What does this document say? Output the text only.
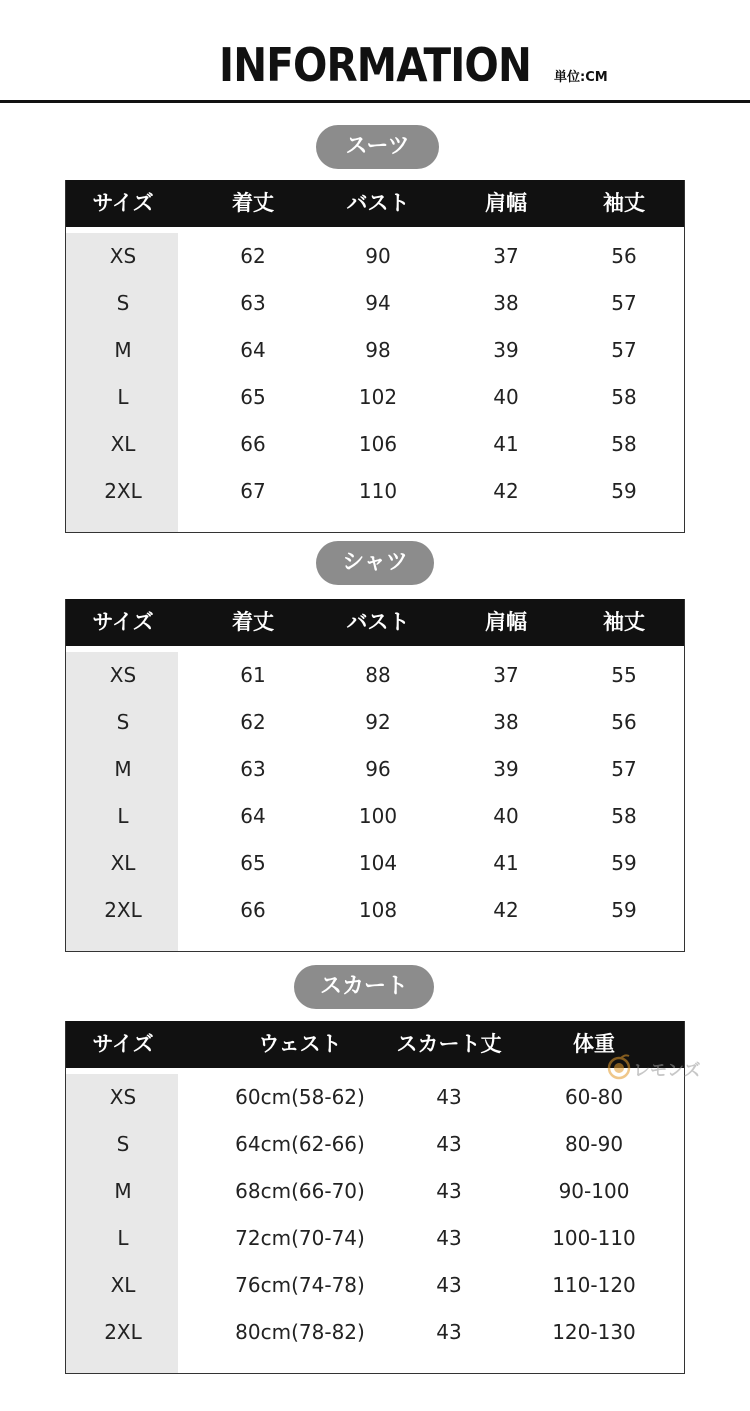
INFORMATION	単位:CM
スーツ
サイズ	着丈	バスト	肩幅	袖丈
XS	62	90	37	56
S	63	94	38	57
M	64	98	39	57
L	65	102	40	58
XL	66	106	41	58
2XL	67	110	42	59
シャツ
サイズ	着丈	バスト	肩幅	袖丈
XS	61	88	37	55
S	62	92	38	56
M	63	96	39	57
L	64	100	40	58
XL	65	104	41	59
2XL	66	108	42	59
スカート
サイズ	ウェスト	スカート丈	体重
XS	60cm(58-62)	43	60-80
S	64cm(62-66)	43	80-90
M	68cm(66-70)	43	90-100
L	72cm(70-74)	43	100-110
XL	76cm(74-78)	43	110-120
2XL	80cm(78-82)	43	120-130
レモンズ
